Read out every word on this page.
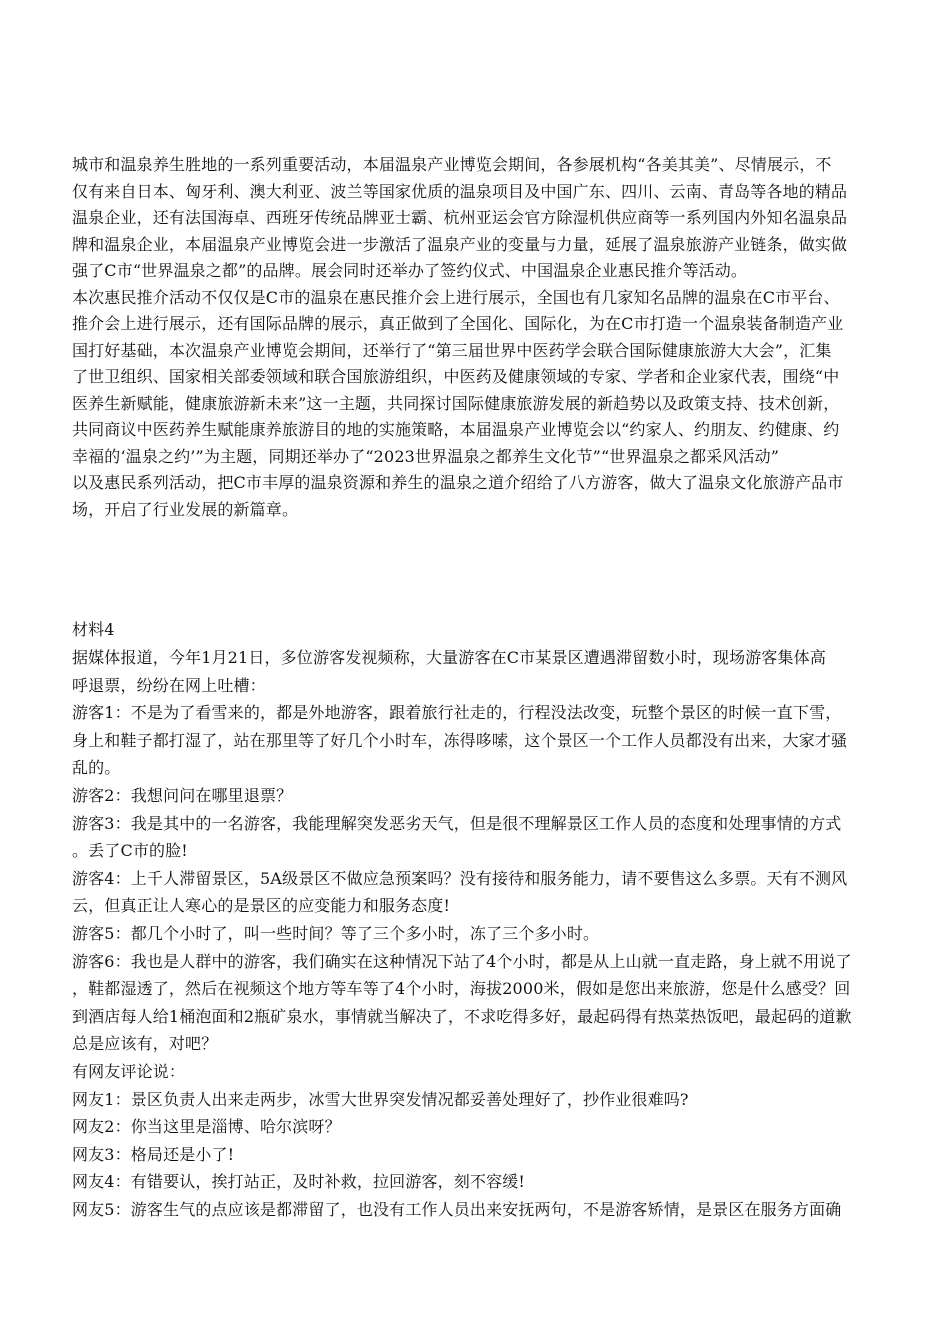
城市和温泉养生胜地的一系列重要活动，本届温泉产业博览会期间，各参展机构“各美其美”、尽情展示，不
仅有来自日本、匈牙利、澳大利亚、波兰等国家优质的温泉项目及中国广东、四川、云南、青岛等各地的精品
温泉企业，还有法国海卓、西班牙传统品牌亚士霸、杭州亚运会官方除湿机供应商等一系列国内外知名温泉品
牌和温泉企业，本届温泉产业博览会进一步激活了温泉产业的变量与力量，延展了温泉旅游产业链条，做实做
强了C市“世界温泉之都”的品牌。展会同时还举办了签约仪式、中国温泉企业惠民推介等活动。
本次惠民推介活动不仅仅是C市的温泉在惠民推介会上进行展示，全国也有几家知名品牌的温泉在C市平台、
推介会上进行展示，还有国际品牌的展示，真正做到了全国化、国际化，为在C市打造一个温泉装备制造产业
国打好基础，本次温泉产业博览会期间，还举行了“第三届世界中医药学会联合国际健康旅游大大会”，汇集
了世卫组织、国家相关部委领域和联合国旅游组织，中医药及健康领域的专家、学者和企业家代表，围绕“中
医养生新赋能，健康旅游新未来”这一主题，共同探讨国际健康旅游发展的新趋势以及政策支持、技术创新，
共同商议中医药养生赋能康养旅游目的地的实施策略，本届温泉产业博览会以“约家人、约朋友、约健康、约
幸福的‘温泉之约’”为主题，同期还举办了“2023世界温泉之都养生文化节”“世界温泉之都采风活动”
以及惠民系列活动，把C市丰厚的温泉资源和养生的温泉之道介绍给了八方游客，做大了温泉文化旅游产品市
场，开启了行业发展的新篇章。
材料4
据媒体报道，今年1月21日，多位游客发视频称，大量游客在C市某景区遭遇滞留数小时，现场游客集体高
呼退票，纷纷在网上吐槽：
游客1：不是为了看雪来的，都是外地游客，跟着旅行社走的，行程没法改变，玩整个景区的时候一直下雪，
身上和鞋子都打湿了，站在那里等了好几个小时车，冻得哆嗦，这个景区一个工作人员都没有出来，大家才骚
乱的。
游客2：我想问问在哪里退票？
游客3：我是其中的一名游客，我能理解突发恶劣天气，但是很不理解景区工作人员的态度和处理事情的方式
。丢了C市的脸!
游客4：上千人滞留景区，5A级景区不做应急预案吗？没有接待和服务能力，请不要售这么多票。天有不测风
云，但真正让人寒心的是景区的应变能力和服务态度!
游客5：都几个小时了，叫一些时间？等了三个多小时，冻了三个多小时。
游客6：我也是人群中的游客，我们确实在这种情况下站了4个小时，都是从上山就一直走路，身上就不用说了
，鞋都湿透了，然后在视频这个地方等车等了4个小时，海拔2000米，假如是您出来旅游，您是什么感受？回
到酒店每人给1桶泡面和2瓶矿泉水，事情就当解决了，不求吃得多好，最起码得有热菜热饭吧，最起码的道歉
总是应该有，对吧？
有网友评论说：
网友1：景区负责人出来走两步，冰雪大世界突发情况都妥善处理好了，抄作业很难吗?
网友2：你当这里是淄博、哈尔滨呀？
网友3：格局还是小了!
网友4：有错要认，挨打站正，及时补救，拉回游客，刻不容缓!
网友5：游客生气的点应该是都滞留了，也没有工作人员出来安抚两句，不是游客矫情，是景区在服务方面确
